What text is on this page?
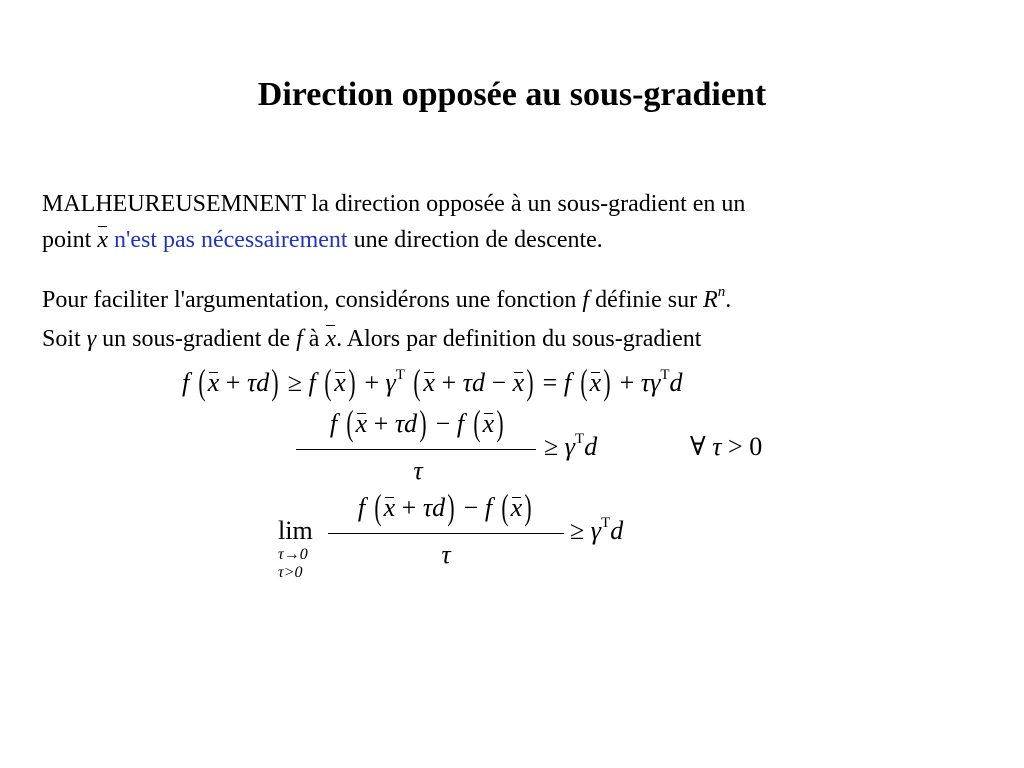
Direction opposée au sous-gradient
MALHEUREUSEMNENT la direction opposée à un sous-gradient en un
point x n'est pas nécessairement une direction de descente.
Pour faciliter l'argumentation, considérons une fonction f définie sur $R^n$.
Soit γ un sous-gradient de f à x. Alors par definition du sous-gradient
f (x + τd) ≥ f $(x) + \gamma^T$ (x + τd − x) = f $(x) + \tau\gamma^Td$
f (x + τd) − f (x)
τ
≥ $\gamma^Td$	∀ τ > 0
lim
τ→0
τ>0
f (x + τd) − f (x)
τ
≥ $\gamma^Td$
